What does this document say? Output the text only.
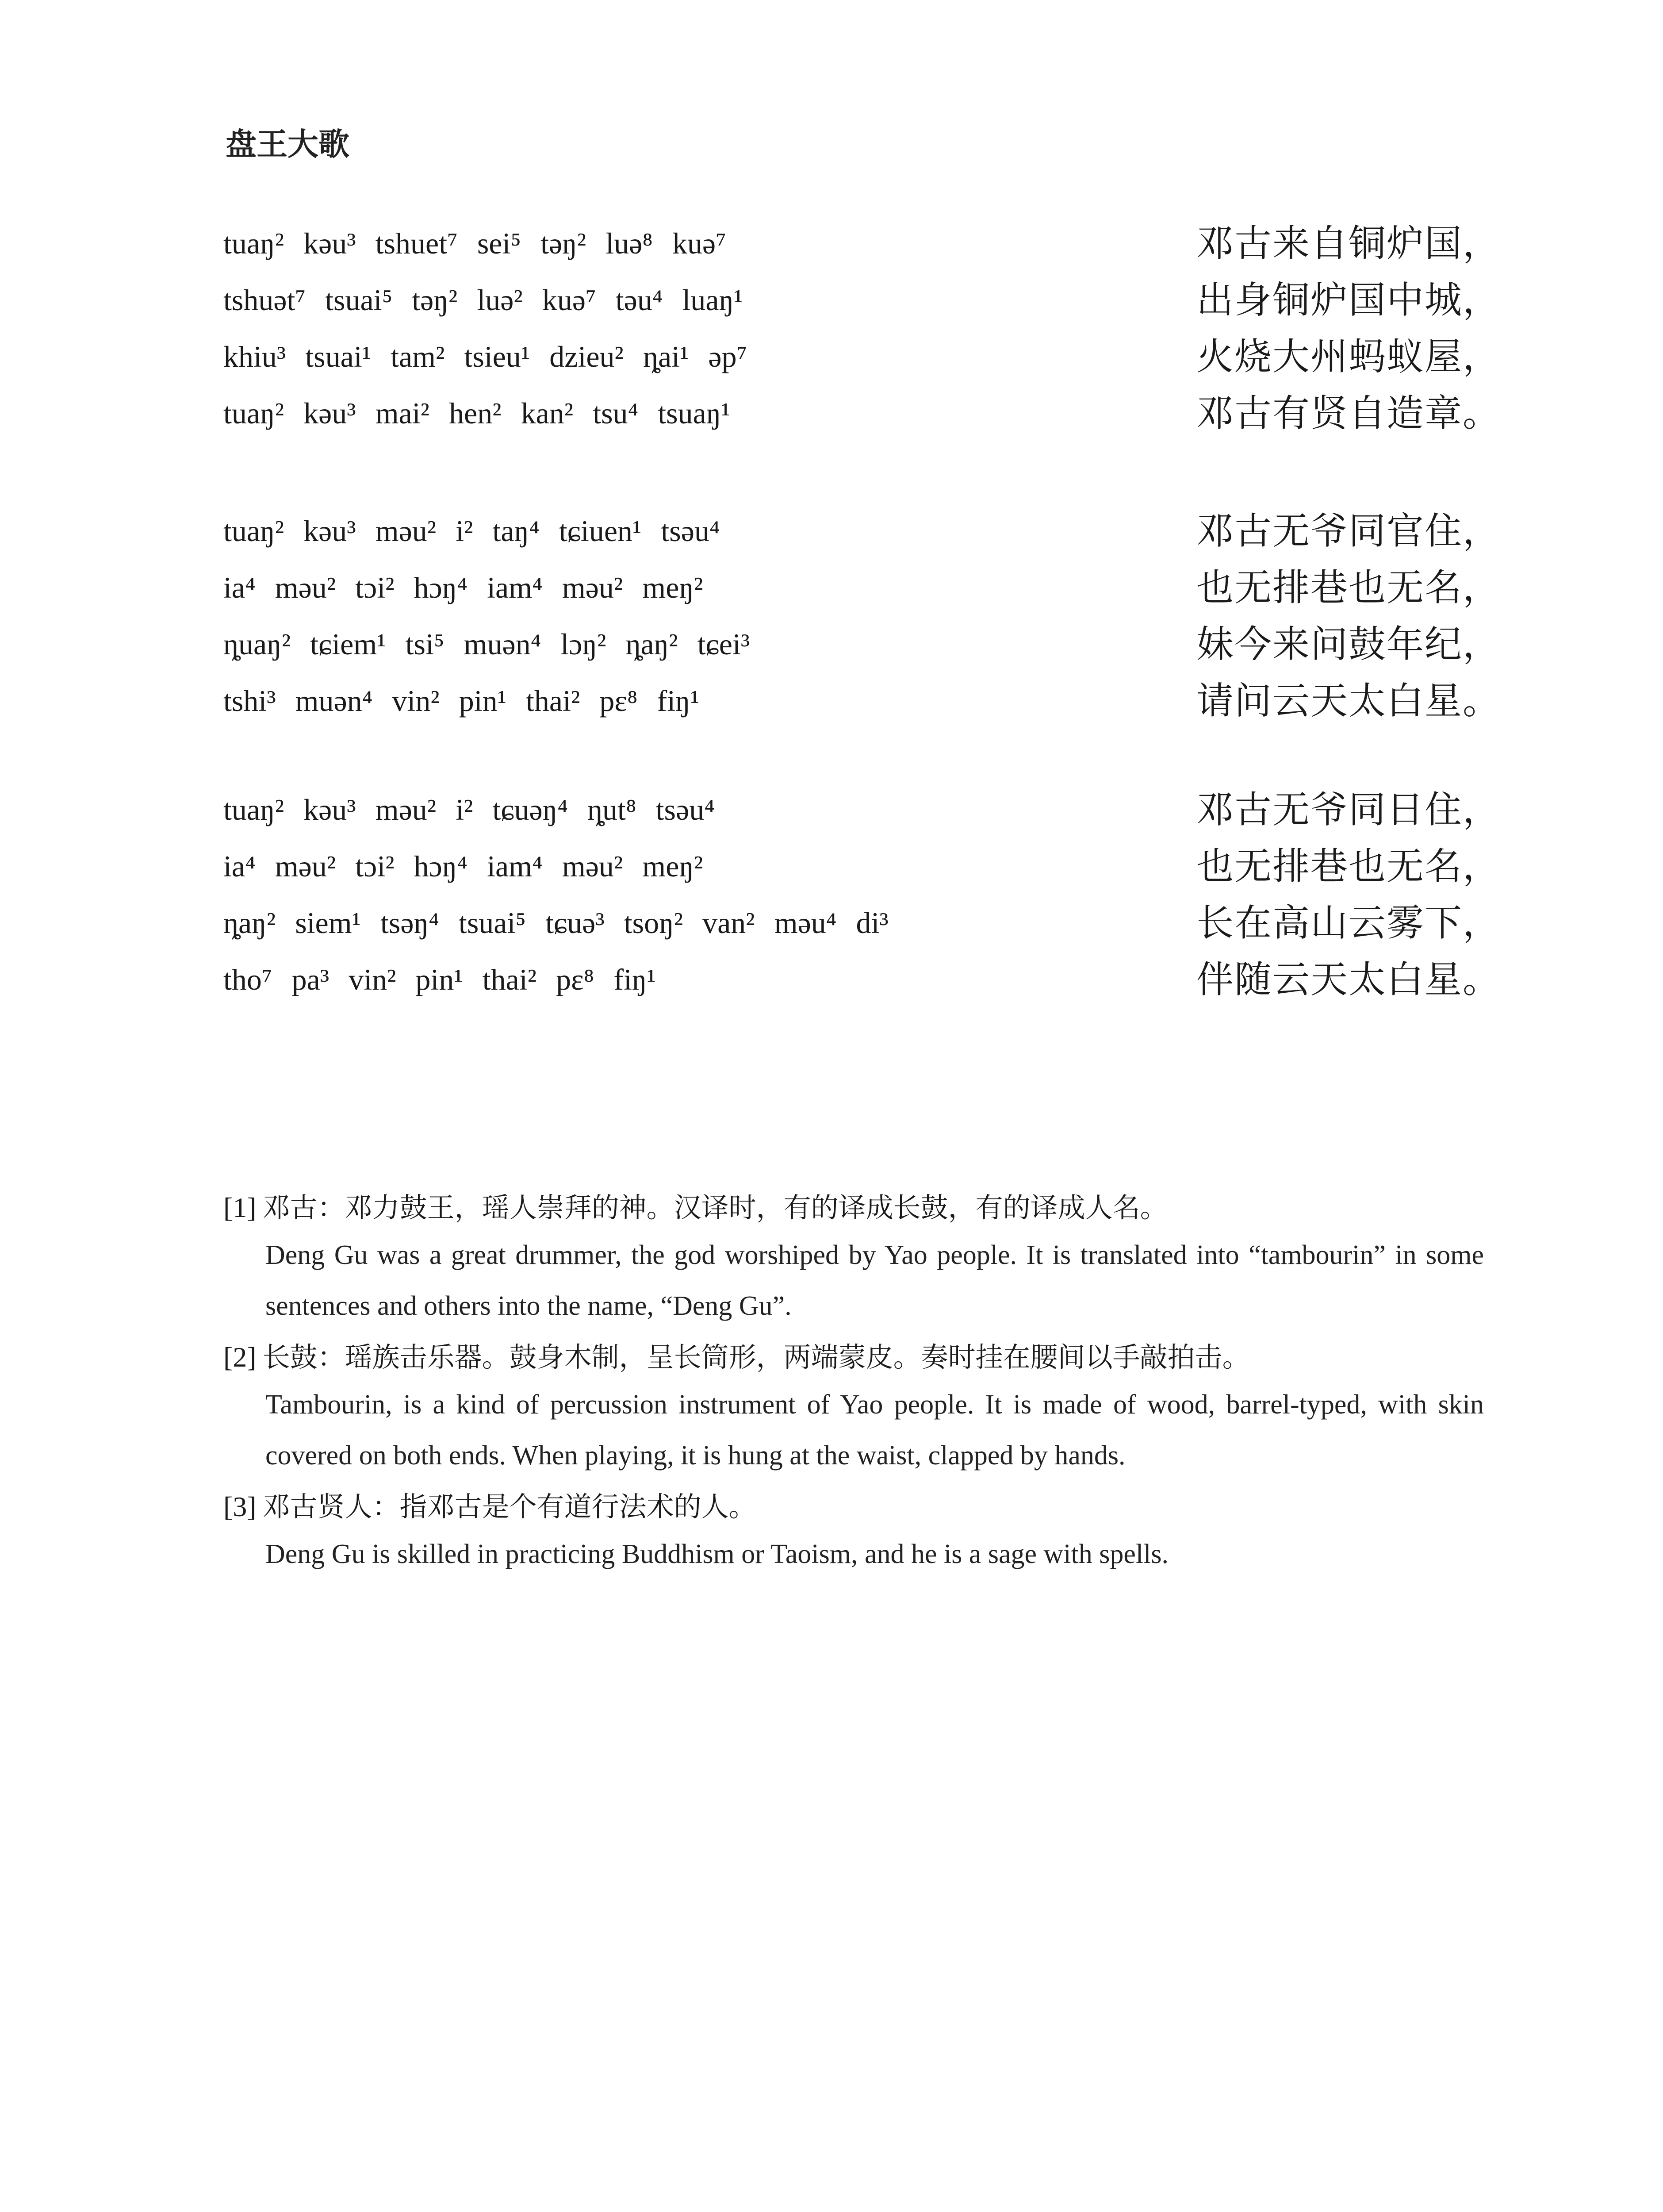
盘王大歌
tuaŋ² kəu³ tshuet⁷ sei⁵ təŋ² luə⁸ kuə⁷	邓古来自铜炉国，
tshuət⁷ tsuai⁵ təŋ² luə² kuə⁷ təu⁴ luaŋ¹	出身铜炉国中城，
khiu³ tsuai¹ tam² tsieu¹ dzieu² ȵai¹ əp⁷	火烧大州蚂蚁屋，
tuaŋ² kəu³ mai² hen² kan² tsu⁴ tsuaŋ¹	邓古有贤自造章。
tuaŋ² kəu³ məu² i² taŋ⁴ tɕiuen¹ tsəu⁴	邓古无爷同官住，
ia⁴ məu² tɔi² hɔŋ⁴ iam⁴ məu² meŋ²	也无排巷也无名，
ȵuaŋ² tɕiem¹ tsi⁵ muən⁴ lɔŋ² ȵaŋ² tɕei³	妹今来问鼓年纪，
tshi³ muən⁴ vin² pin¹ thai² pɛ⁸ fiŋ¹	请问云天太白星。
tuaŋ² kəu³ məu² i² tɕuəŋ⁴ ȵut⁸ tsəu⁴	邓古无爷同日住，
ia⁴ məu² tɔi² hɔŋ⁴ iam⁴ məu² meŋ²	也无排巷也无名，
ȵaŋ² siem¹ tsəŋ⁴ tsuai⁵ tɕuə³ tsoŋ² van² məu⁴ di³	长在高山云雾下，
tho⁷ pa³ vin² pin¹ thai² pɛ⁸ fiŋ¹	伴随云天太白星。
[1] 邓古：邓力鼓王，瑶人崇拜的神。汉译时，有的译成长鼓，有的译成人名。
Deng Gu was a great drummer, the god worshiped by Yao people. It is translated into “tambourin” in some sentences and others into the name, “Deng Gu”.
[2] 长鼓：瑶族击乐器。鼓身木制，呈长筒形，两端蒙皮。奏时挂在腰间以手敲拍击。
Tambourin, is a kind of percussion instrument of Yao people. It is made of wood, barrel-typed, with skin covered on both ends. When playing, it is hung at the waist, clapped by hands.
[3] 邓古贤人：指邓古是个有道行法术的人。
Deng Gu is skilled in practicing Buddhism or Taoism, and he is a sage with spells.
